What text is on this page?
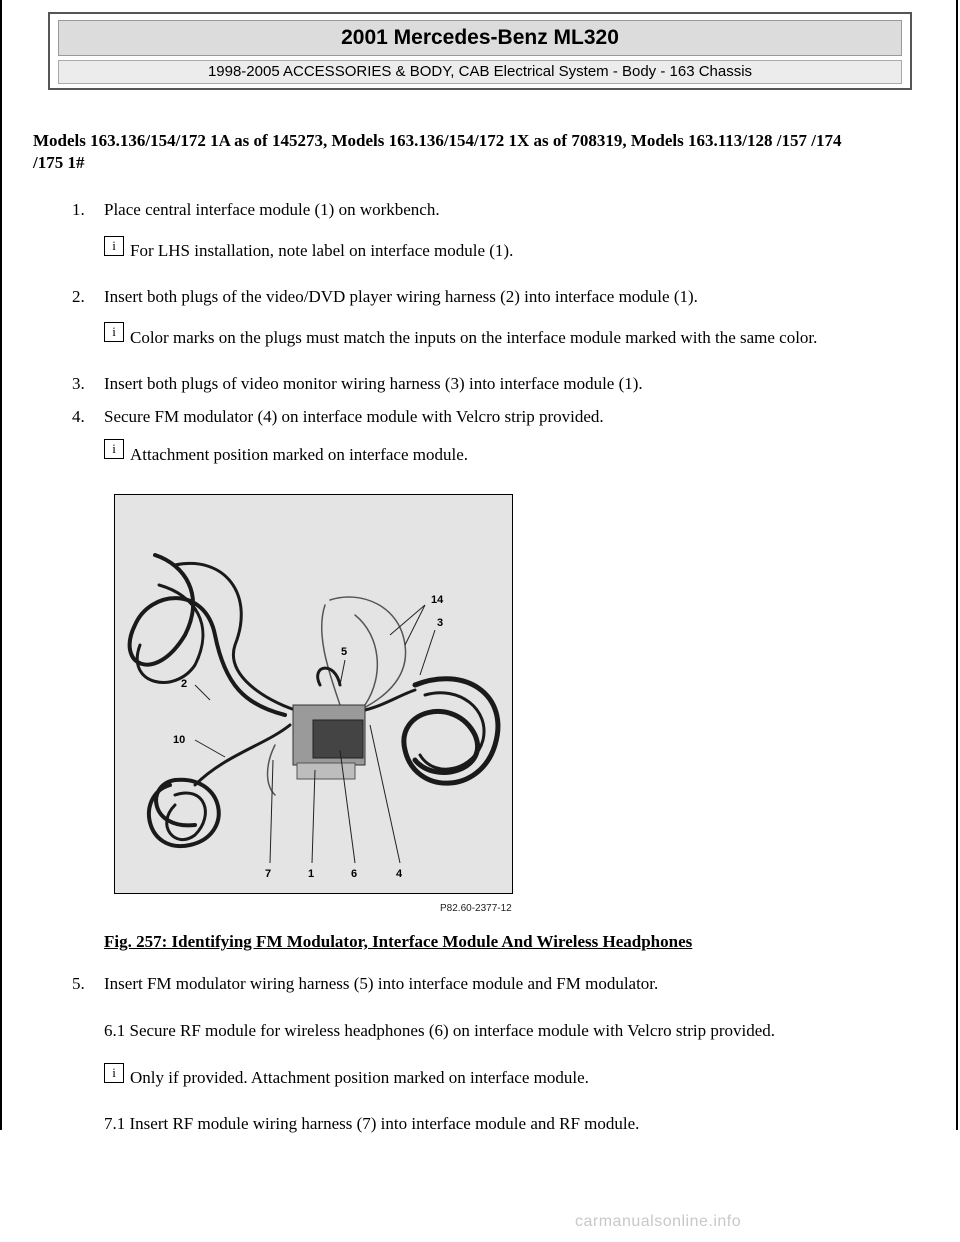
2001 Mercedes-Benz ML320
1998-2005 ACCESSORIES & BODY, CAB Electrical System - Body - 163 Chassis
Models 163.136/154/172 1A as of 145273, Models 163.136/154/172 1X as of 708319, Models 163.113/128 /157 /174 /175 1#
1. Place central interface module (1) on workbench.
i For LHS installation, note label on interface module (1).
2. Insert both plugs of the video/DVD player wiring harness (2) into interface module (1).
i Color marks on the plugs must match the inputs on the interface module marked with the same color.
3. Insert both plugs of video monitor wiring harness (3) into interface module (1).
4. Secure FM modulator (4) on interface module with Velcro strip provided.
i Attachment position marked on interface module.
14
5
3
2
10
7	1	6	4
P82.60-2377-12
Fig. 257: Identifying FM Modulator, Interface Module And Wireless Headphones
5. Insert FM modulator wiring harness (5) into interface module and FM modulator.
6.1 Secure RF module for wireless headphones (6) on interface module with Velcro strip provided.
i Only if provided. Attachment position marked on interface module.
7.1 Insert RF module wiring harness (7) into interface module and RF module.
carmanualsonline.info
